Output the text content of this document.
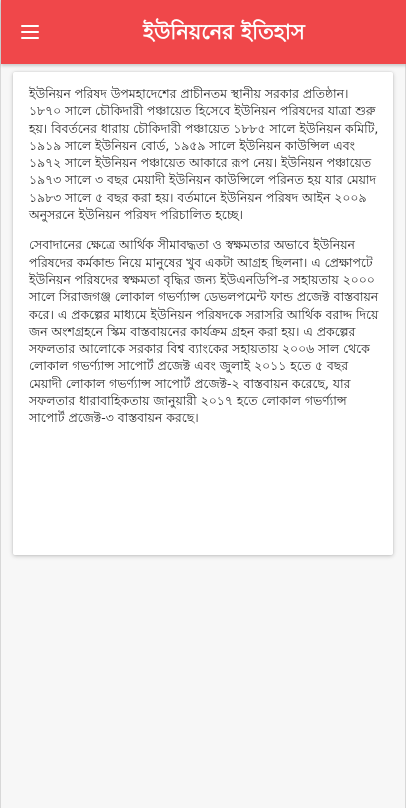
ইউনিয়নের ইতিহাস

ইউনিয়ন পরিষদ উপমহাদেশের প্রাচীনতম স্থানীয় সরকার প্রতিষ্ঠান। ১৮৭০ সালে চৌকিদারী পঞ্চায়েত হিসেবে ইউনিয়ন পরিষদের যাত্রা শুরু হয়। বিবর্তনের ধারায় চৌকিদারী পঞ্চায়েত ১৮৮৫ সালে ইউনিয়ন কমিটি, ১৯১৯ সালে ইউনিয়ন বোর্ড, ১৯৫৯ সালে ইউনিয়ন কাউন্সিল এবং ১৯৭২ সালে ইউনিয়ন পঞ্চায়েত আকারে রূপ নেয়। ইউনিয়ন পঞ্চায়েত ১৯৭৩ সালে ৩ বছর মেয়াদী ইউনিয়ন কাউন্সিলে পরিনত হয় যার মেয়াদ ১৯৮৩ সালে ৫ বছর করা হয়। বর্তমানে ইউনিয়ন পরিষদ আইন ২০০৯ অনুসরনে ইউনিয়ন পরিষদ পরিচালিত হচ্ছে।

সেবাদানের ক্ষেত্রে আর্থিক সীমাবদ্ধতা ও স্বক্ষমতার অভাবে ইউনিয়ন পরিষদের কর্মকান্ড নিয়ে মানুষের খুব একটা আগ্রহ ছিলনা। এ প্রেক্ষাপটে ইউনিয়ন পরিষদের স্বক্ষমতা বৃদ্ধির জন্য ইউএনডিপি-র সহায়তায় ২০০০ সালে সিরাজগঞ্জ লোকাল গভর্ণ্যান্স ডেভলপমেন্ট ফান্ড প্রজেক্ট বাস্তবায়ন করে। এ প্রকল্পের মাধ্যমে ইউনিয়ন পরিষদকে সরাসরি আর্থিক বরাদ্দ দিয়ে জন অংশগ্রহনে স্কিম বাস্তবায়নের কার্যক্রম গ্রহন করা হয়। এ প্রকল্পের সফলতার আলোকে সরকার বিশ্ব ব্যাংকের সহায়তায় ২০০৬ সাল থেকে লোকাল গভর্ণ্যান্স সাপোর্ট প্রজেক্ট এবং জুলাই ২০১১ হতে ৫ বছর মেয়াদী লোকাল গভর্ণ্যান্স সাপোর্ট প্রজেক্ট-২ বাস্তবায়ন করেছে, যার সফলতার ধারাবাহিকতায় জানুয়ারী ২০১৭ হতে লোকাল গভর্ণ্যান্স সাপোর্ট প্রজেক্ট-৩ বাস্তবায়ন করছে।
